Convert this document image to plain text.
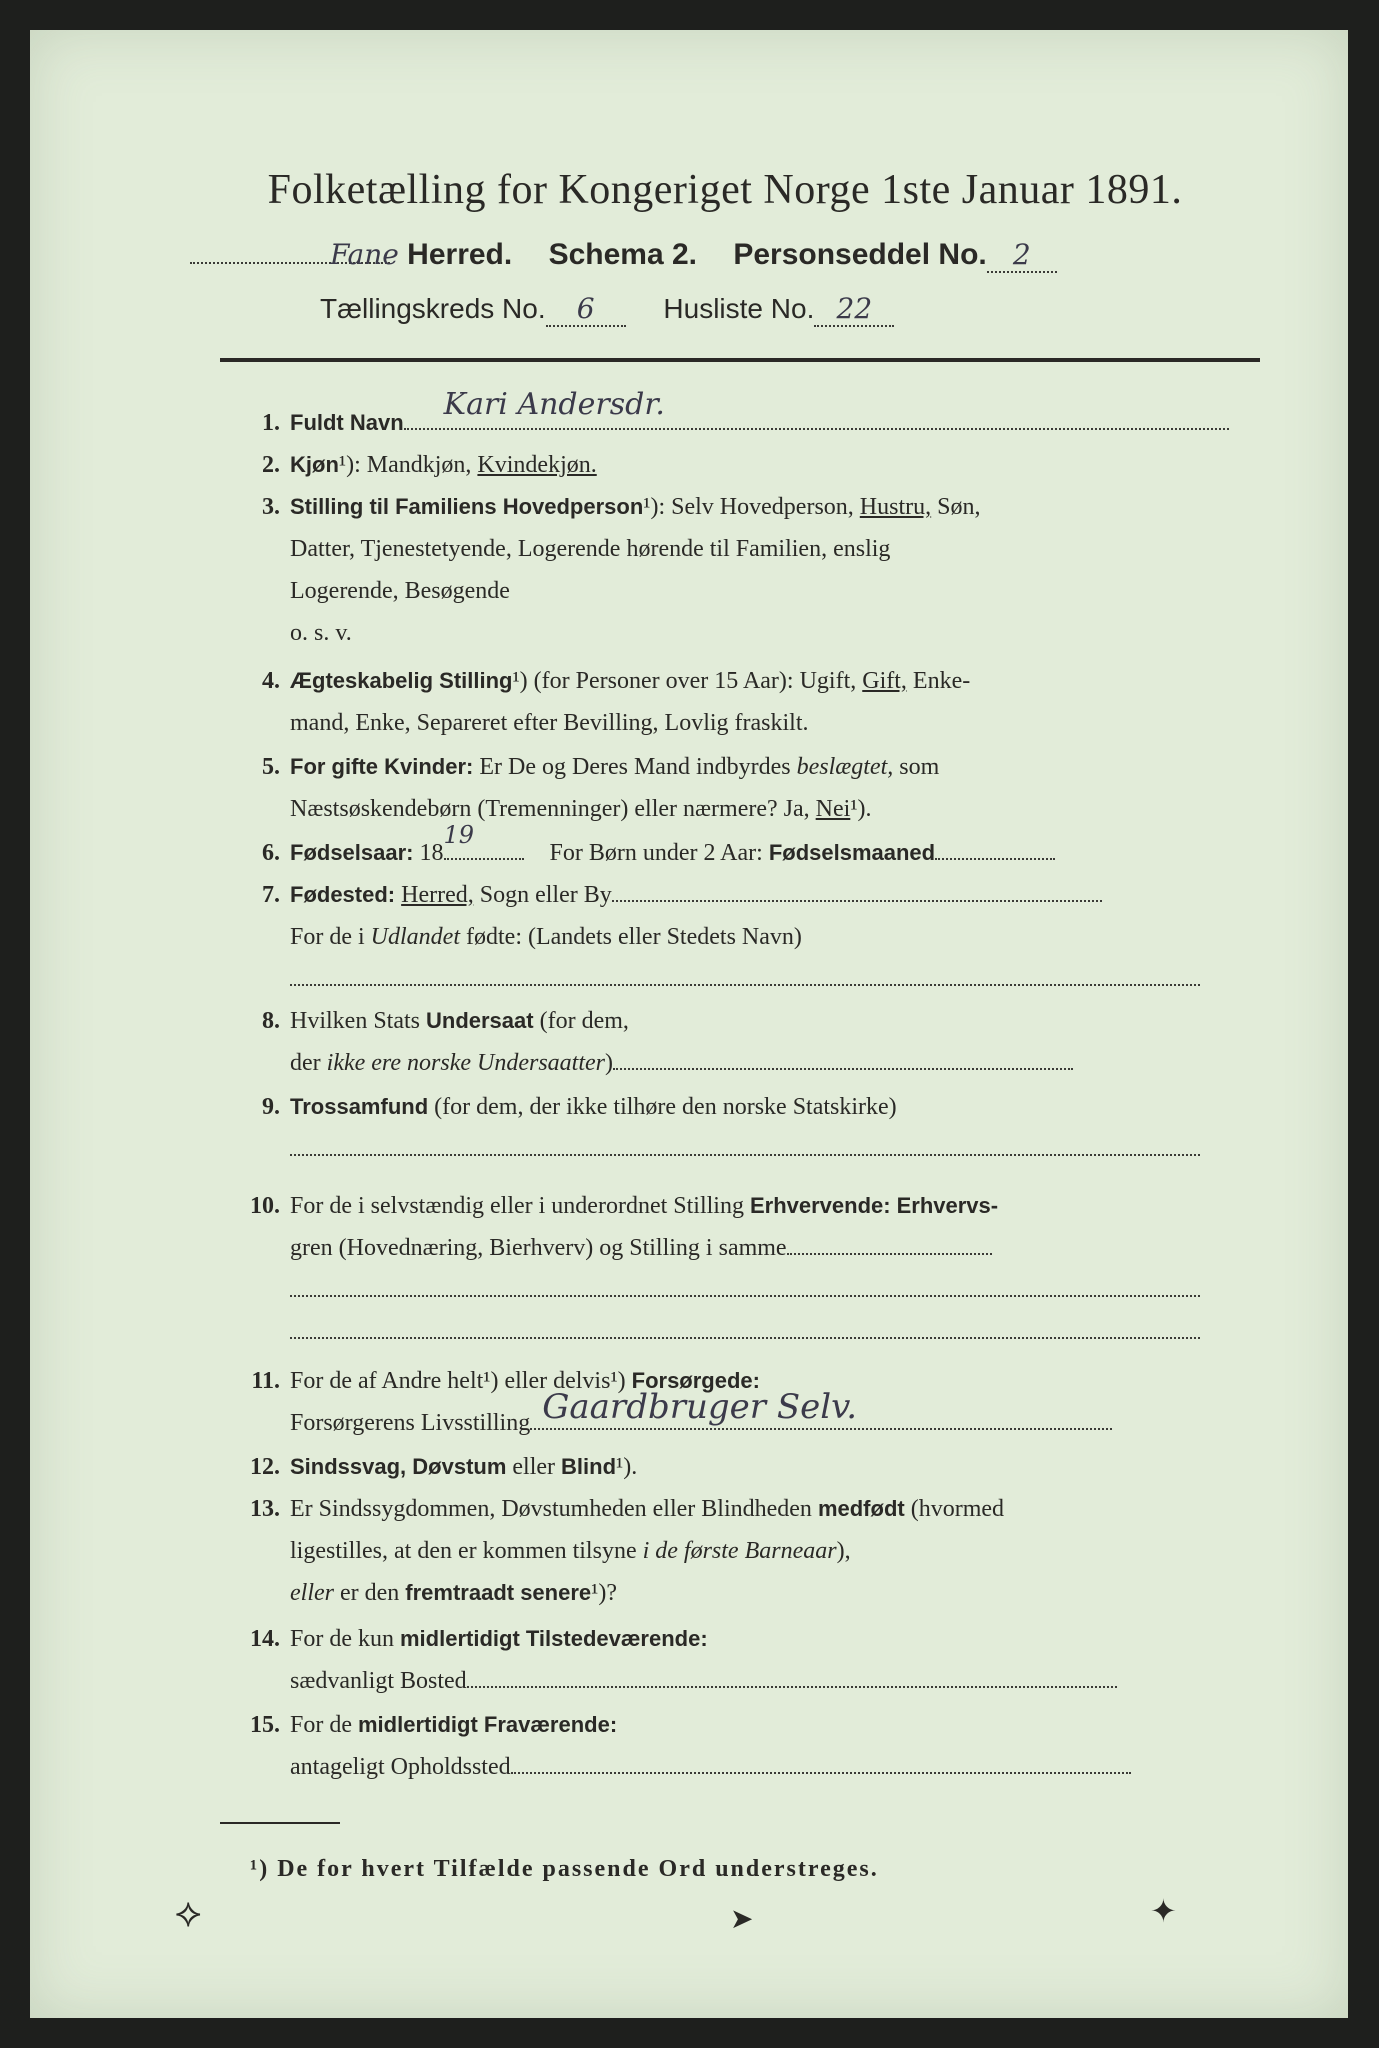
Folketælling for Kongeriget Norge 1ste Januar 1891.
Fane Herred. Schema 2. Personseddel No. 2
Tællingskreds No. 6 Husliste No. 22
1. Fuldt Navn
Kari Andersdr.
2. Kjøn¹): Mandkjøn, Kvindekjøn.
3. Stilling til Familiens Hovedperson¹): Selv Hovedperson, Hustru, Søn,
Datter, Tjenestetyende, Logerende hørende til Familien, enslig
Logerende, Besøgende
o. s. v.
4. Ægteskabelig Stilling¹) (for Personer over 15 Aar): Ugift, Gift, Enke-
mand, Enke, Separeret efter Bevilling, Lovlig fraskilt.
5. For gifte Kvinder: Er De og Deres Mand indbyrdes beslægtet, som
Næstsøskendebørn (Tremenninger) eller nærmere? Ja, Nei¹).
6. Fødselsaar: 18
19
For Børn under 2 Aar: Fødselsmaaned
7. Fødested: Herred, Sogn eller By
For de i Udlandet fødte: (Landets eller Stedets Navn)
8. Hvilken Stats Undersaat (for dem,
der ikke ere norske Undersaatter)
9. Trossamfund (for dem, der ikke tilhøre den norske Statskirke)
10. For de i selvstændig eller i underordnet Stilling Erhvervende: Erhvervs-
gren (Hovednæring, Bierhverv) og Stilling i samme
11. For de af Andre helt¹) eller delvis¹) Forsørgede:
Forsørgerens Livsstilling Gaardbruger Selv.
12. Sindssvag, Døvstum eller Blind¹).
13. Er Sindssygdommen, Døvstumheden eller Blindheden medfødt (hvormed
ligestilles, at den er kommen tilsyne i de første Barneaar),
eller er den fremtraadt senere¹)?
14. For de kun midlertidigt Tilstedeværende:
sædvanligt Bosted
15. For de midlertidigt Fraværende:
antageligt Opholdssted
¹) De for hvert Tilfælde passende Ord understreges.
⟡	➤	✦
